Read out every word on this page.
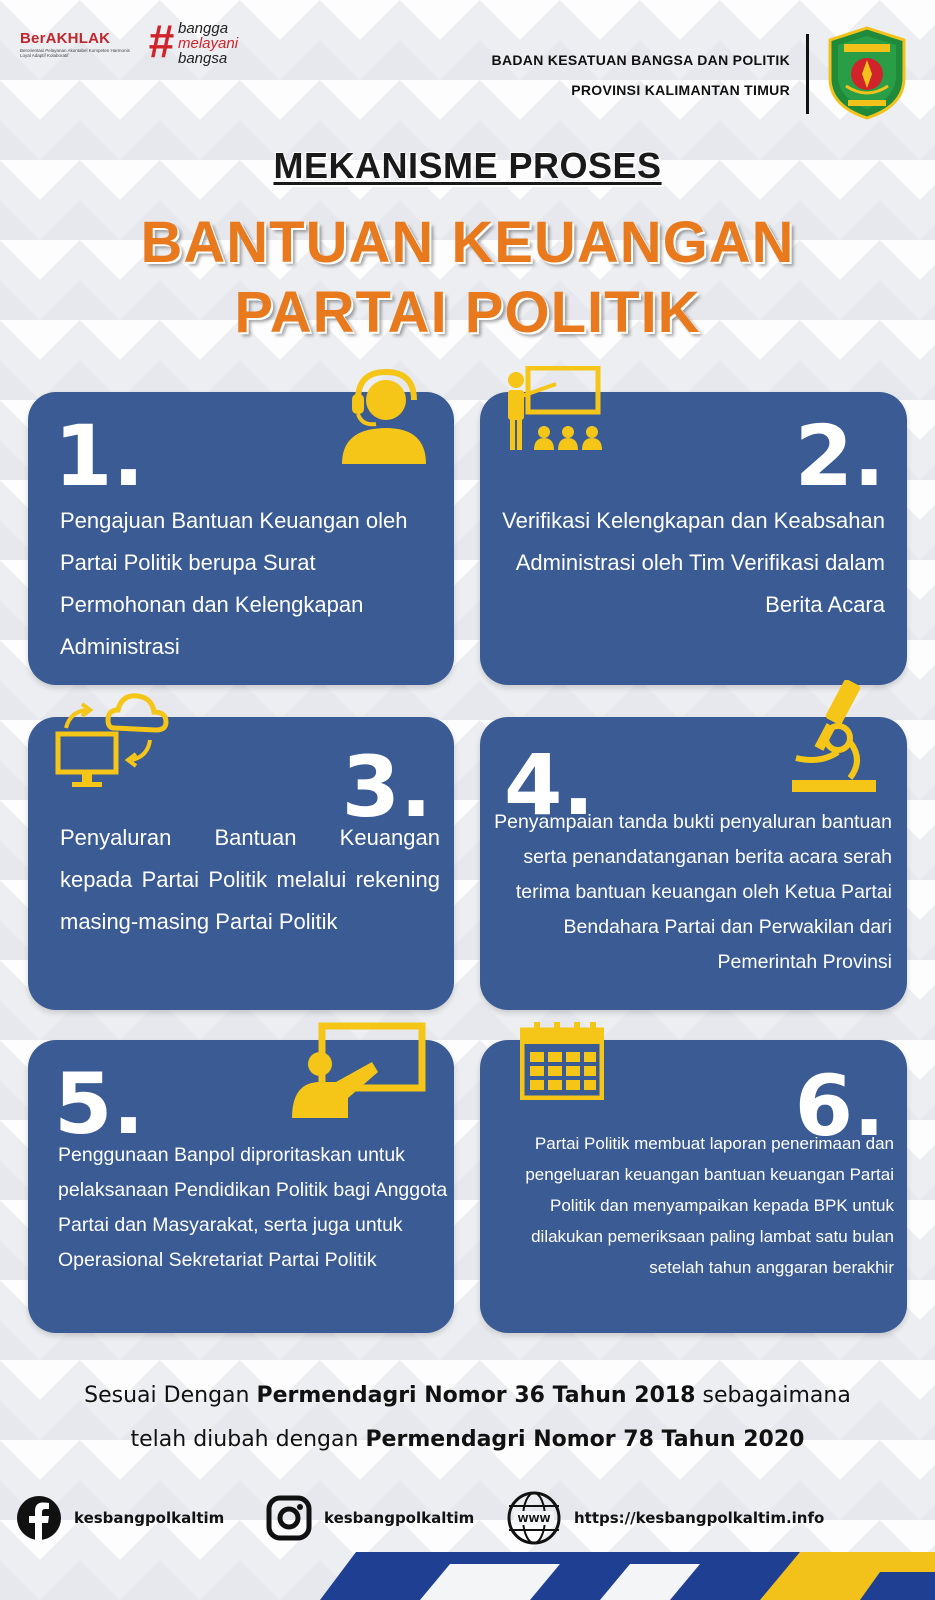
BerAKHLAK
Berorientasi Pelayanan Akuntabel Kompeten Harmonis Loyal Adaptif Kolaboratif	# bangga
melayani
bangsa	BADAN KESATUAN BANGSA DAN POLITIK
PROVINSI KALIMANTAN TIMUR
MEKANISME PROSES
BANTUAN KEUANGAN
PARTAI POLITIK
1.
Pengajuan Bantuan Keuangan oleh Partai Politik berupa Surat Permohonan dan Kelengkapan Administrasi
2.
Verifikasi Kelengkapan dan Keabsahan Administrasi oleh Tim Verifikasi dalam Berita Acara
3.
Penyaluran Bantuan Keuangan kepada Partai Politik melalui rekening masing-masing Partai Politik
4.
Penyampaian tanda bukti penyaluran bantuan serta penandatanganan berita acara serah terima bantuan keuangan oleh Ketua Partai Bendahara Partai dan Perwakilan dari Pemerintah Provinsi
5.
Penggunaan Banpol diproritaskan untuk pelaksanaan Pendidikan Politik bagi Anggota Partai dan Masyarakat, serta juga untuk Operasional Sekretariat Partai Politik
6.
Partai Politik membuat laporan penerimaan dan pengeluaran keuangan bantuan keuangan Partai Politik dan menyampaikan kepada BPK untuk dilakukan pemeriksaan paling lambat satu bulan setelah tahun anggaran berakhir
Sesuai Dengan Permendagri Nomor 36 Tahun 2018 sebagaimana
telah diubah dengan Permendagri Nomor 78 Tahun 2020
kesbangpolkaltim	kesbangpolkaltim	WWW https://kesbangpolkaltim.info
